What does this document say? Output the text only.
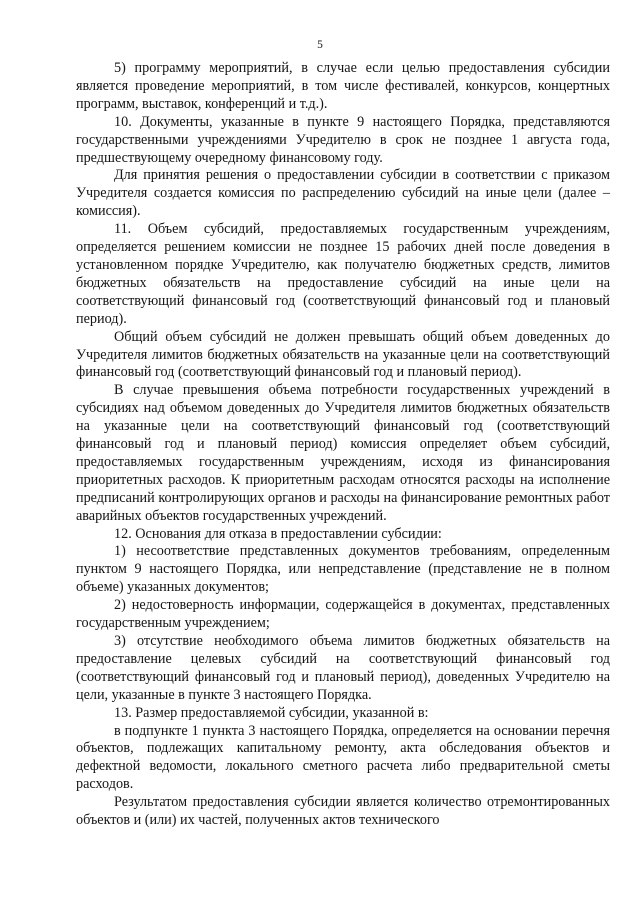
5

5) программу мероприятий, в случае если целью предоставления субсидии является проведение мероприятий, в том числе фестивалей, конкурсов, концертных программ, выставок, конференций и т.д.).

10. Документы, указанные в пункте 9 настоящего Порядка, представляются государственными учреждениями Учредителю в срок не позднее 1 августа года, предшествующему очередному финансовому году.

Для принятия решения о предоставлении субсидии в соответствии с приказом Учредителя создается комиссия по распределению субсидий на иные цели (далее – комиссия).

11. Объем субсидий, предоставляемых государственным учреждениям, определяется решением комиссии не позднее 15 рабочих дней после доведения в установленном порядке Учредителю, как получателю бюджетных средств, лимитов бюджетных обязательств на предоставление субсидий на иные цели на соответствующий финансовый год (соответствующий финансовый год и плановый период).

Общий объем субсидий не должен превышать общий объем доведенных до Учредителя лимитов бюджетных обязательств на указанные цели на соответствующий финансовый год (соответствующий финансовый год и плановый период).

В случае превышения объема потребности государственных учреждений в субсидиях над объемом доведенных до Учредителя лимитов бюджетных обязательств на указанные цели на соответствующий финансовый год (соответствующий финансовый год и плановый период) комиссия определяет объем субсидий, предоставляемых государственным учреждениям, исходя из финансирования приоритетных расходов. К приоритетным расходам относятся расходы на исполнение предписаний контролирующих органов и расходы на финансирование ремонтных работ аварийных объектов государственных учреждений.

12. Основания для отказа в предоставлении субсидии:

1) несоответствие представленных документов требованиям, определенным пунктом 9 настоящего Порядка, или непредставление (представление не в полном объеме) указанных документов;

2) недостоверность информации, содержащейся в документах, представленных государственным учреждением;

3) отсутствие необходимого объема лимитов бюджетных обязательств на предоставление целевых субсидий на соответствующий финансовый год (соответствующий финансовый год и плановый период), доведенных Учредителю на цели, указанные в пункте 3 настоящего Порядка.

13. Размер предоставляемой субсидии, указанной в:

в подпункте 1 пункта 3 настоящего Порядка, определяется на основании перечня объектов, подлежащих капитальному ремонту, акта обследования объектов и дефектной ведомости, локального сметного расчета либо предварительной сметы расходов.

Результатом предоставления субсидии является количество отремонтированных объектов и (или) их частей, полученных актов технического
